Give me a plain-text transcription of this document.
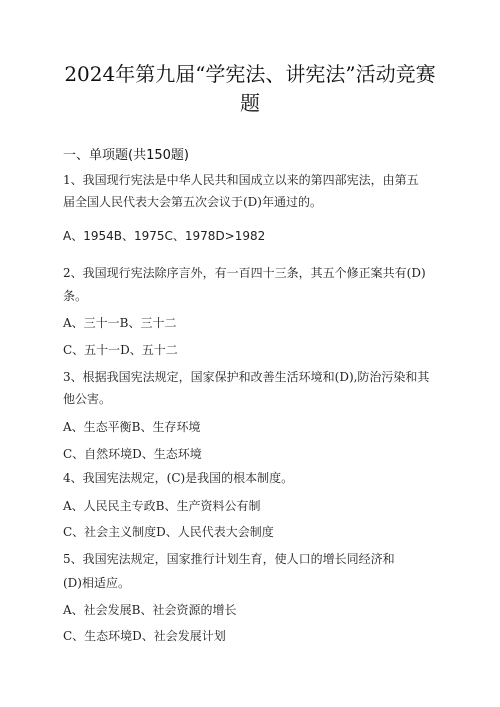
2024年第九届“学宪法、讲宪法”活动竞赛
题
一、单项题(共150题)
1、我国现行宪法是中华人民共和国成立以来的第四部宪法，由第五
届全国人民代表大会第五次会议于(D)年通过的。
A、1954B、1975C、1978D>1982
2、我国现行宪法除序言外，有一百四十三条，其五个修正案共有(D)
条。
A、三十一B、三十二
C、五十一D、五十二
3、根据我国宪法规定，国家保护和改善生活环境和(D),防治污染和其
他公害。
A、生态平衡B、生存环境
C、自然环境D、生态环境
4、我国宪法规定，(C)是我国的根本制度。
A、人民民主专政B、生产资料公有制
C、社会主义制度D、人民代表大会制度
5、我国宪法规定，国家推行计划生育，使人口的增长同经济和
(D)相适应。
A、社会发展B、社会资源的增长
C、生态环境D、社会发展计划
